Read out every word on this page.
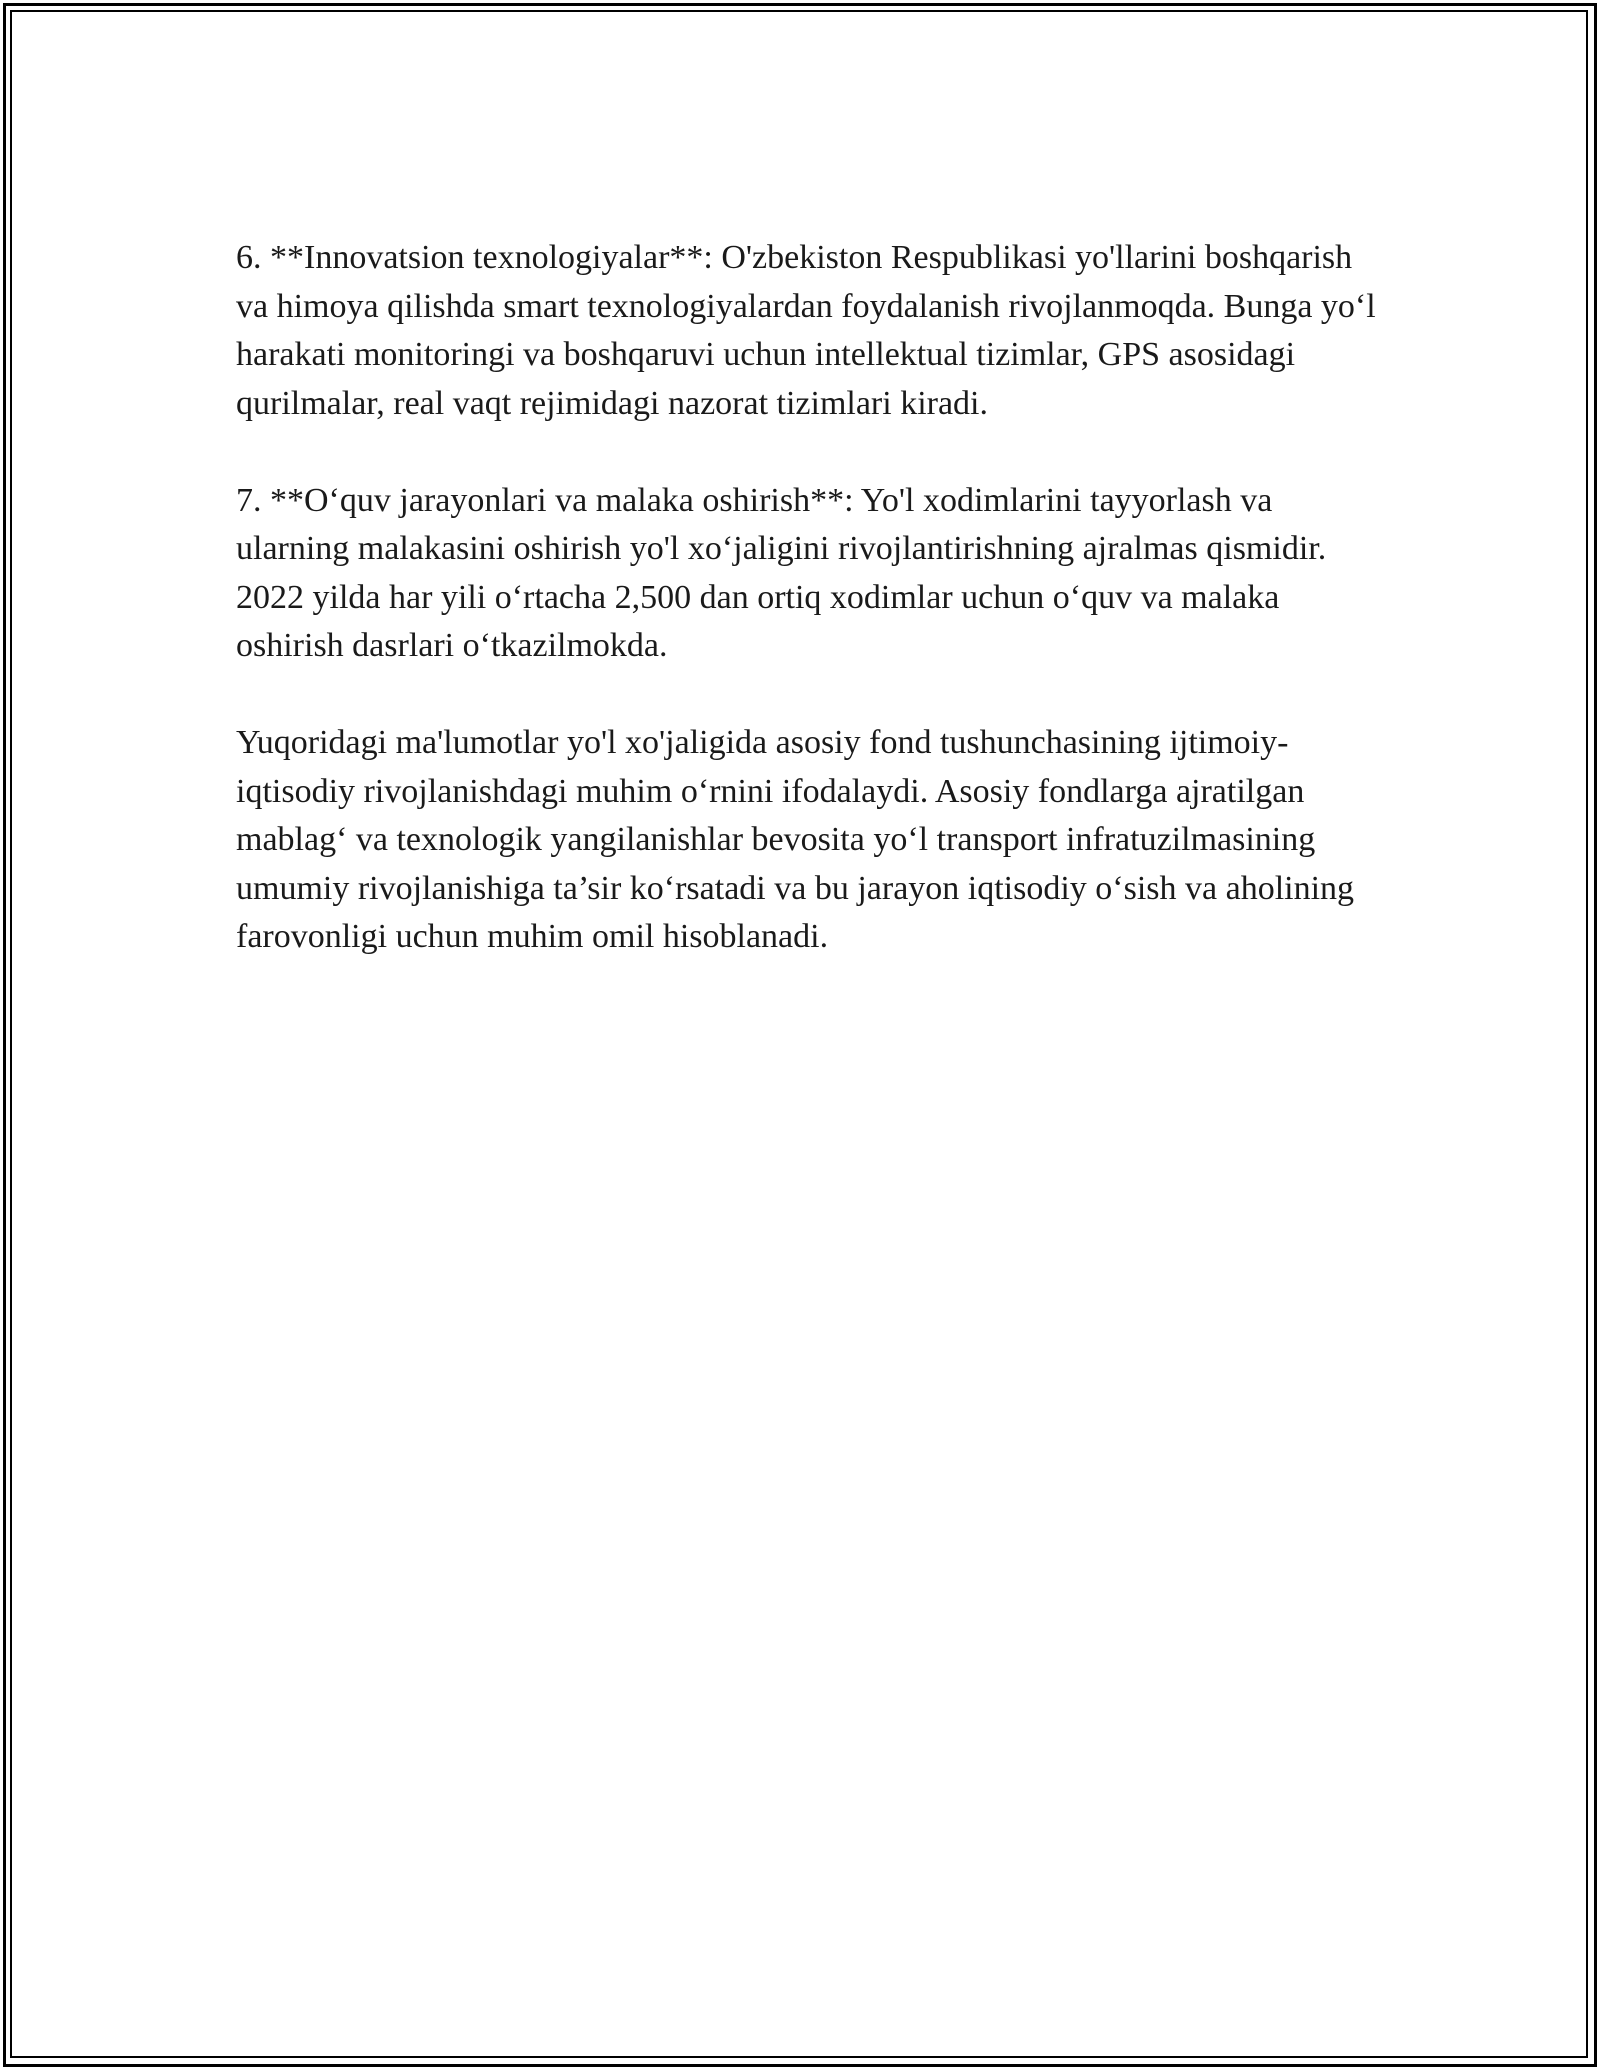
6. **Innovatsion texnologiyalar**: O'zbekiston Respublikasi yo'llarini boshqarish va himoya qilishda smart texnologiyalardan foydalanish rivojlanmoqda. Bunga yo‘l harakati monitoringi va boshqaruvi uchun intellektual tizimlar, GPS asosidagi qurilmalar, real vaqt rejimidagi nazorat tizimlari kiradi.

7. **O‘quv jarayonlari va malaka oshirish**: Yo'l xodimlarini tayyorlash va ularning malakasini oshirish yo'l xo‘jaligini rivojlantirishning ajralmas qismidir. 2022 yilda har yili o‘rtacha 2,500 dan ortiq xodimlar uchun o‘quv va malaka oshirish dasrlari o‘tkazilmokda.

Yuqoridagi ma'lumotlar yo'l xo'jaligida asosiy fond tushunchasining ijtimoiy-iqtisodiy rivojlanishdagi muhim o‘rnini ifodalaydi. Asosiy fondlarga ajratilgan mablag‘ va texnologik yangilanishlar bevosita yo‘l transport infratuzilmasining umumiy rivojlanishiga ta’sir ko‘rsatadi va bu jarayon iqtisodiy o‘sish va aholining farovonligi uchun muhim omil hisoblanadi.
